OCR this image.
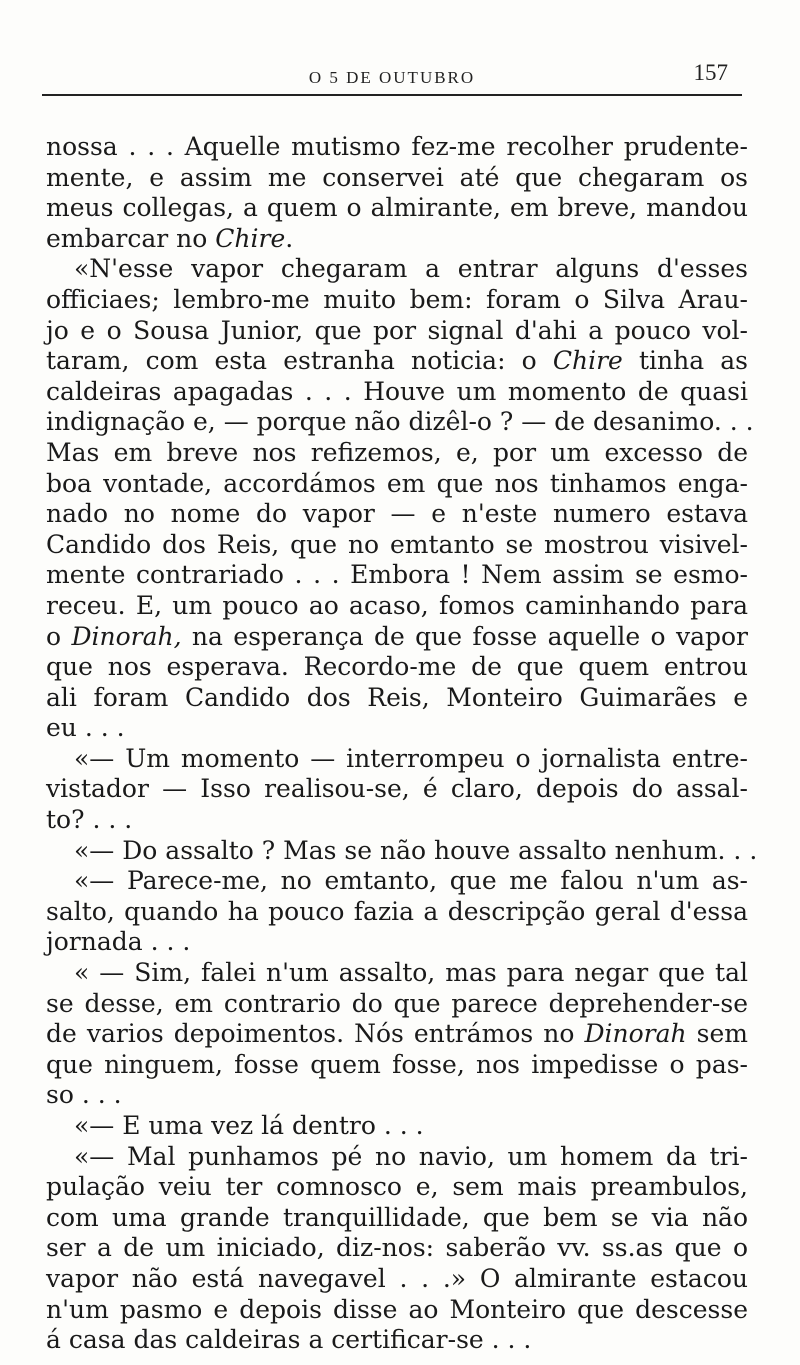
O 5 DE OUTUBRO	157
nossa . . . Aquelle mutismo fez-me recolher prudente-
mente, e assim me conservei até que chegaram os
meus collegas, a quem o almirante, em breve, mandou
embarcar no Chire.
«N'esse vapor chegaram a entrar alguns d'esses
officiaes; lembro-me muito bem: foram o Silva Arau-
jo e o Sousa Junior, que por signal d'ahi a pouco vol-
taram, com esta estranha noticia: o Chire tinha as
caldeiras apagadas . . . Houve um momento de quasi
indignação e, — porque não dizêl-o ? — de desanimo. . .
Mas em breve nos refizemos, e, por um excesso de
boa vontade, accordámos em que nos tinhamos enga-
nado no nome do vapor — e n'este numero estava
Candido dos Reis, que no emtanto se mostrou visivel-
mente contrariado . . . Embora ! Nem assim se esmo-
receu. E, um pouco ao acaso, fomos caminhando para
o Dinorah, na esperança de que fosse aquelle o vapor
que nos esperava. Recordo-me de que quem entrou
ali foram Candido dos Reis, Monteiro Guimarães e
eu . . .
«— Um momento — interrompeu o jornalista entre-
vistador — Isso realisou-se, é claro, depois do assal-
to? . . .
«— Do assalto ? Mas se não houve assalto nenhum. . .
«— Parece-me, no emtanto, que me falou n'um as-
salto, quando ha pouco fazia a descripção geral d'essa
jornada . . .
« — Sim, falei n'um assalto, mas para negar que tal
se desse, em contrario do que parece deprehender-se
de varios depoimentos. Nós entrámos no Dinorah sem
que ninguem, fosse quem fosse, nos impedisse o pas-
so . . .
«— E uma vez lá dentro . . .
«— Mal punhamos pé no navio, um homem da tri-
pulação veiu ter comnosco e, sem mais preambulos,
com uma grande tranquillidade, que bem se via não
ser a de um iniciado, diz-nos: saberão vv. ss.as que o
vapor não está navegavel . . .» O almirante estacou
n'um pasmo e depois disse ao Monteiro que descesse
á casa das caldeiras a certificar-se . . .
